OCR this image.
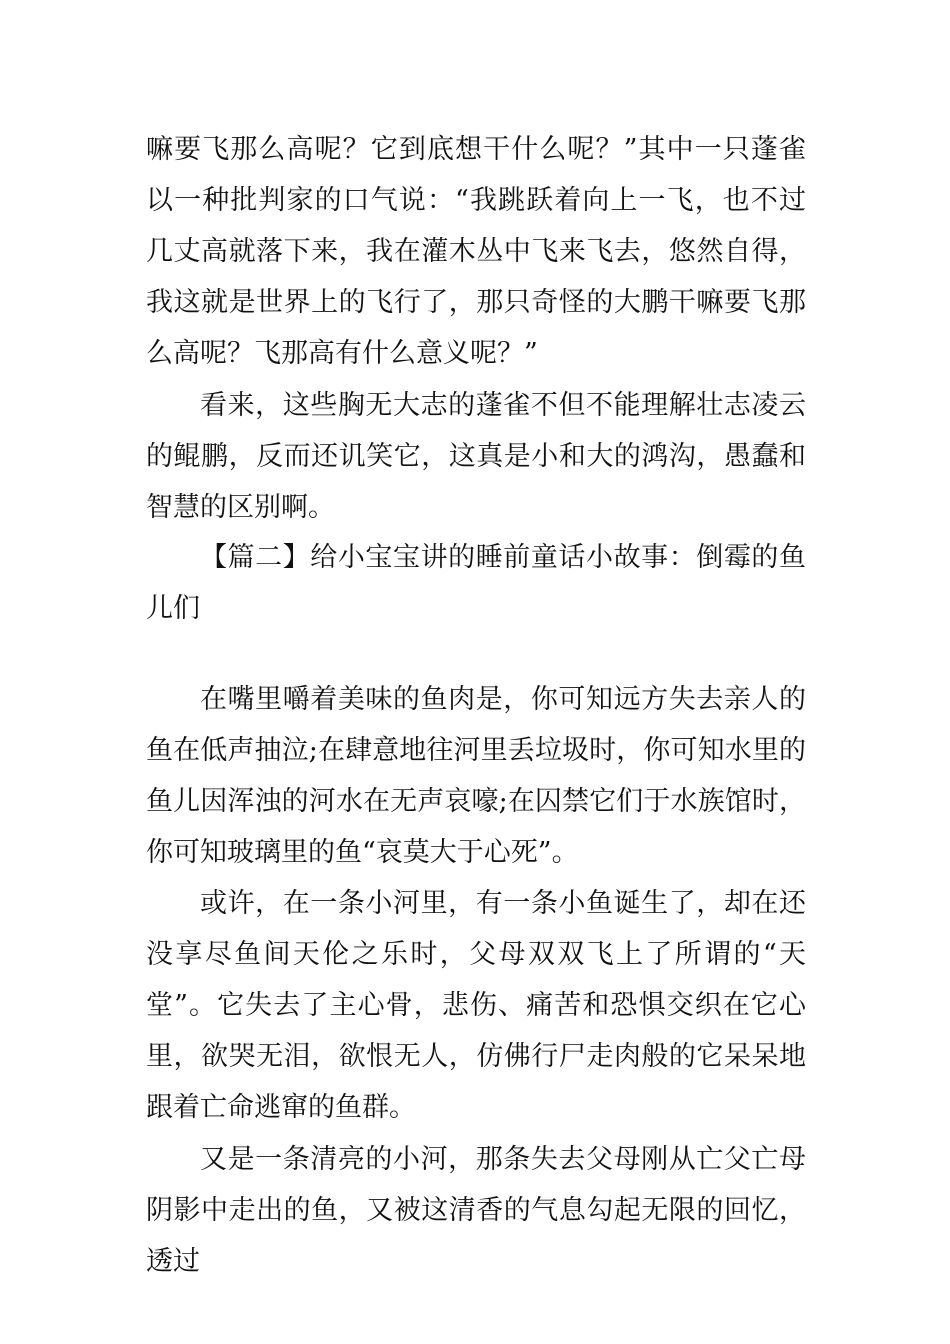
嘛要飞那么高呢？它到底想干什么呢？”其中一只蓬雀以一种批判家的口气说：“我跳跃着向上一飞，也不过几丈高就落下来，我在灌木丛中飞来飞去，悠然自得，我这就是世界上的飞行了，那只奇怪的大鹏干嘛要飞那么高呢？飞那高有什么意义呢？”

看来，这些胸无大志的蓬雀不但不能理解壮志凌云的鲲鹏，反而还讥笑它，这真是小和大的鸿沟，愚蠢和智慧的区别啊。

【篇二】给小宝宝讲的睡前童话小故事：倒霉的鱼儿们

在嘴里嚼着美味的鱼肉是，你可知远方失去亲人的鱼在低声抽泣;在肆意地往河里丢垃圾时，你可知水里的鱼儿因浑浊的河水在无声哀嚎;在囚禁它们于水族馆时，你可知玻璃里的鱼“哀莫大于心死”。

或许，在一条小河里，有一条小鱼诞生了，却在还没享尽鱼间天伦之乐时，父母双双飞上了所谓的“天堂”。它失去了主心骨，悲伤、痛苦和恐惧交织在它心里，欲哭无泪，欲恨无人，仿佛行尸走肉般的它呆呆地跟着亡命逃窜的鱼群。

又是一条清亮的小河，那条失去父母刚从亡父亡母阴影中走出的鱼，又被这清香的气息勾起无限的回忆，透过
